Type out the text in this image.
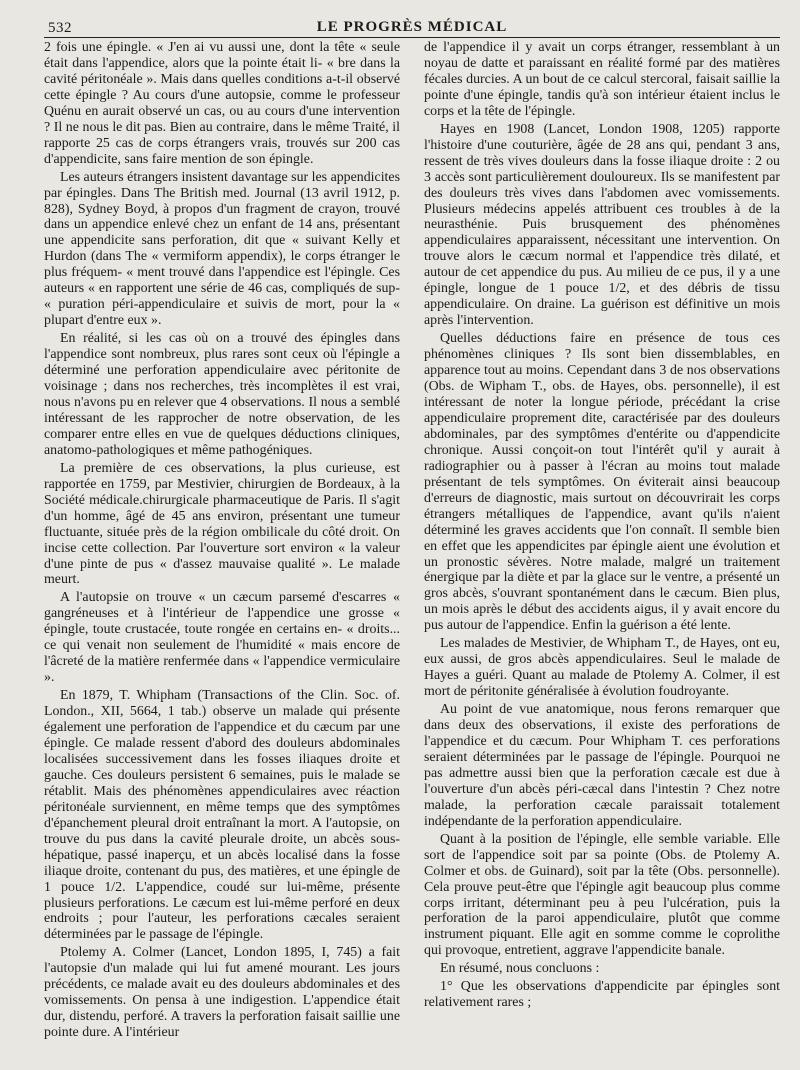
532	LE PROGRÈS MÉDICAL

2 fois une épingle. « J'en ai vu aussi une, dont la tête « seule était dans l'appendice, alors que la pointe était li- « bre dans la cavité péritonéale ». Mais dans quelles conditions a-t-il observé cette épingle ? Au cours d'une autopsie, comme le professeur Quénu en aurait observé un cas, ou au cours d'une intervention ? Il ne nous le dit pas. Bien au contraire, dans le même Traité, il rapporte 25 cas de corps étrangers vrais, trouvés sur 200 cas d'appendicite, sans faire mention de son épingle.

Les auteurs étrangers insistent davantage sur les appendicites par épingles. Dans The British med. Journal (13 avril 1912, p. 828), Sydney Boyd, à propos d'un fragment de crayon, trouvé dans un appendice enlevé chez un enfant de 14 ans, présentant une appendicite sans perforation, dit que « suivant Kelly et Hurdon (dans The « vermiform appendix), le corps étranger le plus fréquem- « ment trouvé dans l'appendice est l'épingle. Ces auteurs « en rapportent une série de 46 cas, compliqués de sup- « puration péri-appendiculaire et suivis de mort, pour la « plupart d'entre eux ».

En réalité, si les cas où on a trouvé des épingles dans l'appendice sont nombreux, plus rares sont ceux où l'épingle a déterminé une perforation appendiculaire avec péritonite de voisinage ; dans nos recherches, très incomplètes il est vrai, nous n'avons pu en relever que 4 observations. Il nous a semblé intéressant de les rapprocher de notre observation, de les comparer entre elles en vue de quelques déductions cliniques, anatomo-pathologiques et même pathogéniques.

La première de ces observations, la plus curieuse, est rapportée en 1759, par Mestivier, chirurgien de Bordeaux, à la Société médicale.chirurgicale pharmaceutique de Paris. Il s'agit d'un homme, âgé de 45 ans environ, présentant une tumeur fluctuante, située près de la région ombilicale du côté droit. On incise cette collection. Par l'ouverture sort environ « la valeur d'une pinte de pus « d'assez mauvaise qualité ». Le malade meurt.

A l'autopsie on trouve « un cæcum parsemé d'escarres « gangréneuses et à l'intérieur de l'appendice une grosse « épingle, toute crustacée, toute rongée en certains en- « droits... ce qui venait non seulement de l'humidité « mais encore de l'âcreté de la matière renfermée dans « l'appendice vermiculaire ».

En 1879, T. Whipham (Transactions of the Clin. Soc. of. London., XII, 5664, 1 tab.) observe un malade qui présente également une perforation de l'appendice et du cæcum par une épingle. Ce malade ressent d'abord des douleurs abdominales localisées successivement dans les fosses iliaques droite et gauche. Ces douleurs persistent 6 semaines, puis le malade se rétablit. Mais des phénomènes appendiculaires avec réaction péritonéale surviennent, en même temps que des symptômes d'épanchement pleural droit entraînant la mort. A l'autopsie, on trouve du pus dans la cavité pleurale droite, un abcès sous-hépatique, passé inaperçu, et un abcès localisé dans la fosse iliaque droite, contenant du pus, des matières, et une épingle de 1 pouce 1/2. L'appendice, coudé sur lui-même, présente plusieurs perforations. Le cæcum est lui-même perforé en deux endroits ; pour l'auteur, les perforations cæcales seraient déterminées par le passage de l'épingle.

Ptolemy A. Colmer (Lancet, London 1895, I, 745) a fait l'autopsie d'un malade qui lui fut amené mourant. Les jours précédents, ce malade avait eu des douleurs abdominales et des vomissements. On pensa à une indigestion. L'appendice était dur, distendu, perforé. A travers la perforation faisait saillie une pointe dure. A l'intérieur

de l'appendice il y avait un corps étranger, ressemblant à un noyau de datte et paraissant en réalité formé par des matières fécales durcies. A un bout de ce calcul stercoral, faisait saillie la pointe d'une épingle, tandis qu'à son intérieur étaient inclus le corps et la tête de l'épingle.

Hayes en 1908 (Lancet, London 1908, 1205) rapporte l'histoire d'une couturière, âgée de 28 ans qui, pendant 3 ans, ressent de très vives douleurs dans la fosse iliaque droite : 2 ou 3 accès sont particulièrement douloureux. Ils se manifestent par des douleurs très vives dans l'abdomen avec vomissements. Plusieurs médecins appelés attribuent ces troubles à de la neurasthénie. Puis brusquement des phénomènes appendiculaires apparaissent, nécessitant une intervention. On trouve alors le cæcum normal et l'appendice très dilaté, et autour de cet appendice du pus. Au milieu de ce pus, il y a une épingle, longue de 1 pouce 1/2, et des débris de tissu appendiculaire. On draine. La guérison est définitive un mois après l'intervention.

Quelles déductions faire en présence de tous ces phénomènes cliniques ? Ils sont bien dissemblables, en apparence tout au moins. Cependant dans 3 de nos observations (Obs. de Wipham T., obs. de Hayes, obs. personnelle), il est intéressant de noter la longue période, précédant la crise appendiculaire proprement dite, caractérisée par des douleurs abdominales, par des symptômes d'entérite ou d'appendicite chronique. Aussi conçoit-on tout l'intérêt qu'il y aurait à radiographier ou à passer à l'écran au moins tout malade présentant de tels symptômes. On éviterait ainsi beaucoup d'erreurs de diagnostic, mais surtout on découvrirait les corps étrangers métalliques de l'appendice, avant qu'ils n'aient déterminé les graves accidents que l'on connaît. Il semble bien en effet que les appendicites par épingle aient une évolution et un pronostic sévères. Notre malade, malgré un traitement énergique par la diète et par la glace sur le ventre, a présenté un gros abcès, s'ouvrant spontanément dans le cæcum. Bien plus, un mois après le début des accidents aigus, il y avait encore du pus autour de l'appendice. Enfin la guérison a été lente.

Les malades de Mestivier, de Whipham T., de Hayes, ont eu, eux aussi, de gros abcès appendiculaires. Seul le malade de Hayes a guéri. Quant au malade de Ptolemy A. Colmer, il est mort de péritonite généralisée à évolution foudroyante.

Au point de vue anatomique, nous ferons remarquer que dans deux des observations, il existe des perforations de l'appendice et du cæcum. Pour Whipham T. ces perforations seraient déterminées par le passage de l'épingle. Pourquoi ne pas admettre aussi bien que la perforation cæcale est due à l'ouverture d'un abcès péri-cæcal dans l'intestin ? Chez notre malade, la perforation cæcale paraissait totalement indépendante de la perforation appendiculaire.

Quant à la position de l'épingle, elle semble variable. Elle sort de l'appendice soit par sa pointe (Obs. de Ptolemy A. Colmer et obs. de Guinard), soit par la tête (Obs. personnelle). Cela prouve peut-être que l'épingle agit beaucoup plus comme corps irritant, déterminant peu à peu l'ulcération, puis la perforation de la paroi appendiculaire, plutôt que comme instrument piquant. Elle agit en somme comme le coprolithe qui provoque, entretient, aggrave l'appendicite banale.

En résumé, nous concluons :

1° Que les observations d'appendicite par épingles sont relativement rares ;
